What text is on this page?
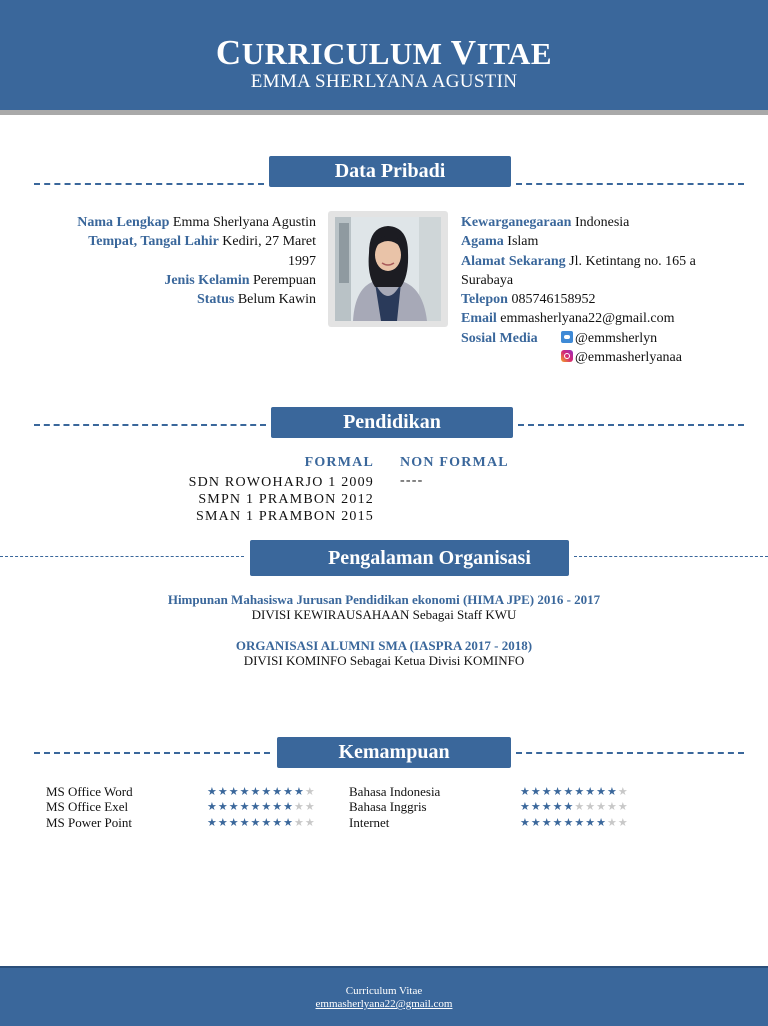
CURRICULUM VITAE
EMMA SHERLYANA AGUSTIN
Data Pribadi
Nama Lengkap Emma Sherlyana Agustin
Tempat, Tangal Lahir Kediri, 27 Maret
1997
Jenis Kelamin Perempuan
Status Belum Kawin
Kewarganegaraan Indonesia
Agama Islam
Alamat Sekarang Jl. Ketintang no. 165 a
Surabaya
Telepon 085746158952
Email emmasherlyana22@gmail.com
Sosial Media	@emmsherlyn
@emmasherlyanaa
Pendidikan
FORMAL NON FORMAL
SDN ROWOHARJO 1 2009
SMPN 1 PRAMBON 2012
SMAN 1 PRAMBON 2015
----
Pengalaman Organisasi
Himpunan Mahasiswa Jurusan Pendidikan ekonomi (HIMA JPE) 2016 - 2017
DIVISI KEWIRAUSAHAAN Sebagai Staff KWU
ORGANISASI ALUMNI SMA (IASPRA 2017 - 2018)
DIVISI KOMINFO Sebagai Ketua Divisi KOMINFO
Kemampuan
MS Office Word
MS Office Exel
MS Power Point
★★★★★★★★★★
★★★★★★★★★★
★★★★★★★★★★
Bahasa Indonesia
Bahasa Inggris
Internet
★★★★★★★★★★
★★★★★★★★★★
★★★★★★★★★★
Curriculum Vitae
emmasherlyana22@gmail.com
